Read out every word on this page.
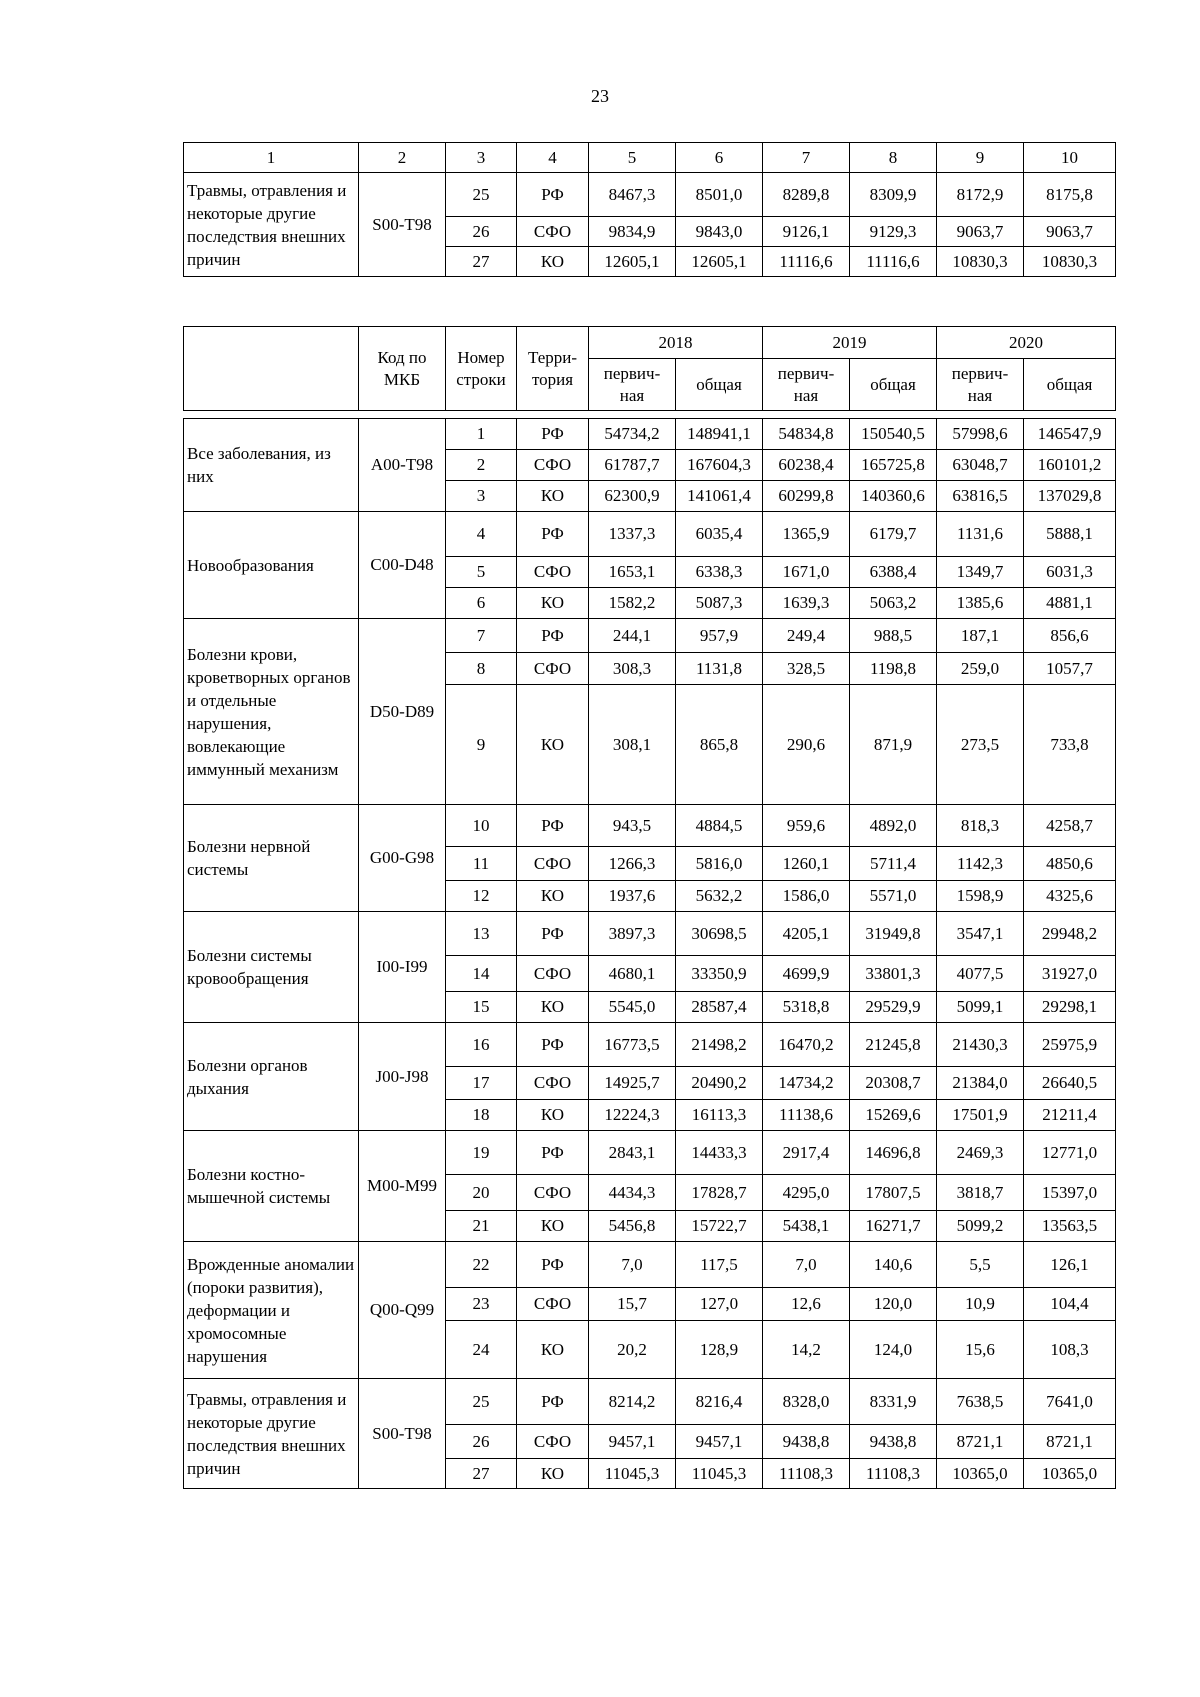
23
1	2	3	4	5	6	7	8	9	10
Травмы, отравления и некоторые другие последствия внешних причин	S00-T98	25	РФ	8467,3	8501,0	8289,8	8309,9	8172,9	8175,8
		26	СФО	9834,9	9843,0	9126,1	9129,3	9063,7	9063,7
		27	КО	12605,1	12605,1	11116,6	11116,6	10830,3	10830,3
	Код по МКБ	Номер строки	Терри-тория	2018		2019		2020	
				первич-ная	общая	первич-ная	общая	первич-ная	общая

Все заболевания, из них	A00-T98	1	РФ	54734,2	148941,1	54834,8	150540,5	57998,6	146547,9
		2	СФО	61787,7	167604,3	60238,4	165725,8	63048,7	160101,2
		3	КО	62300,9	141061,4	60299,8	140360,6	63816,5	137029,8
Новообразования	C00-D48	4	РФ	1337,3	6035,4	1365,9	6179,7	1131,6	5888,1
		5	СФО	1653,1	6338,3	1671,0	6388,4	1349,7	6031,3
		6	КО	1582,2	5087,3	1639,3	5063,2	1385,6	4881,1
Болезни крови, кроветворных органов и отдельные нарушения, вовлекающие иммунный механизм	D50-D89	7	РФ	244,1	957,9	249,4	988,5	187,1	856,6
		8	СФО	308,3	1131,8	328,5	1198,8	259,0	1057,7
		9	КО	308,1	865,8	290,6	871,9	273,5	733,8
Болезни нервной системы	G00-G98	10	РФ	943,5	4884,5	959,6	4892,0	818,3	4258,7
		11	СФО	1266,3	5816,0	1260,1	5711,4	1142,3	4850,6
		12	КО	1937,6	5632,2	1586,0	5571,0	1598,9	4325,6
Болезни системы кровообращения	I00-I99	13	РФ	3897,3	30698,5	4205,1	31949,8	3547,1	29948,2
		14	СФО	4680,1	33350,9	4699,9	33801,3	4077,5	31927,0
		15	КО	5545,0	28587,4	5318,8	29529,9	5099,1	29298,1
Болезни органов дыхания	J00-J98	16	РФ	16773,5	21498,2	16470,2	21245,8	21430,3	25975,9
		17	СФО	14925,7	20490,2	14734,2	20308,7	21384,0	26640,5
		18	КО	12224,3	16113,3	11138,6	15269,6	17501,9	21211,4
Болезни костно-мышечной системы	M00-M99	19	РФ	2843,1	14433,3	2917,4	14696,8	2469,3	12771,0
		20	СФО	4434,3	17828,7	4295,0	17807,5	3818,7	15397,0
		21	КО	5456,8	15722,7	5438,1	16271,7	5099,2	13563,5
Врожденные аномалии (пороки развития), деформации и хромосомные нарушения	Q00-Q99	22	РФ	7,0	117,5	7,0	140,6	5,5	126,1
		23	СФО	15,7	127,0	12,6	120,0	10,9	104,4
		24	КО	20,2	128,9	14,2	124,0	15,6	108,3
Травмы, отравления и некоторые другие последствия внешних причин	S00-T98	25	РФ	8214,2	8216,4	8328,0	8331,9	7638,5	7641,0
		26	СФО	9457,1	9457,1	9438,8	9438,8	8721,1	8721,1
		27	КО	11045,3	11045,3	11108,3	11108,3	10365,0	10365,0
